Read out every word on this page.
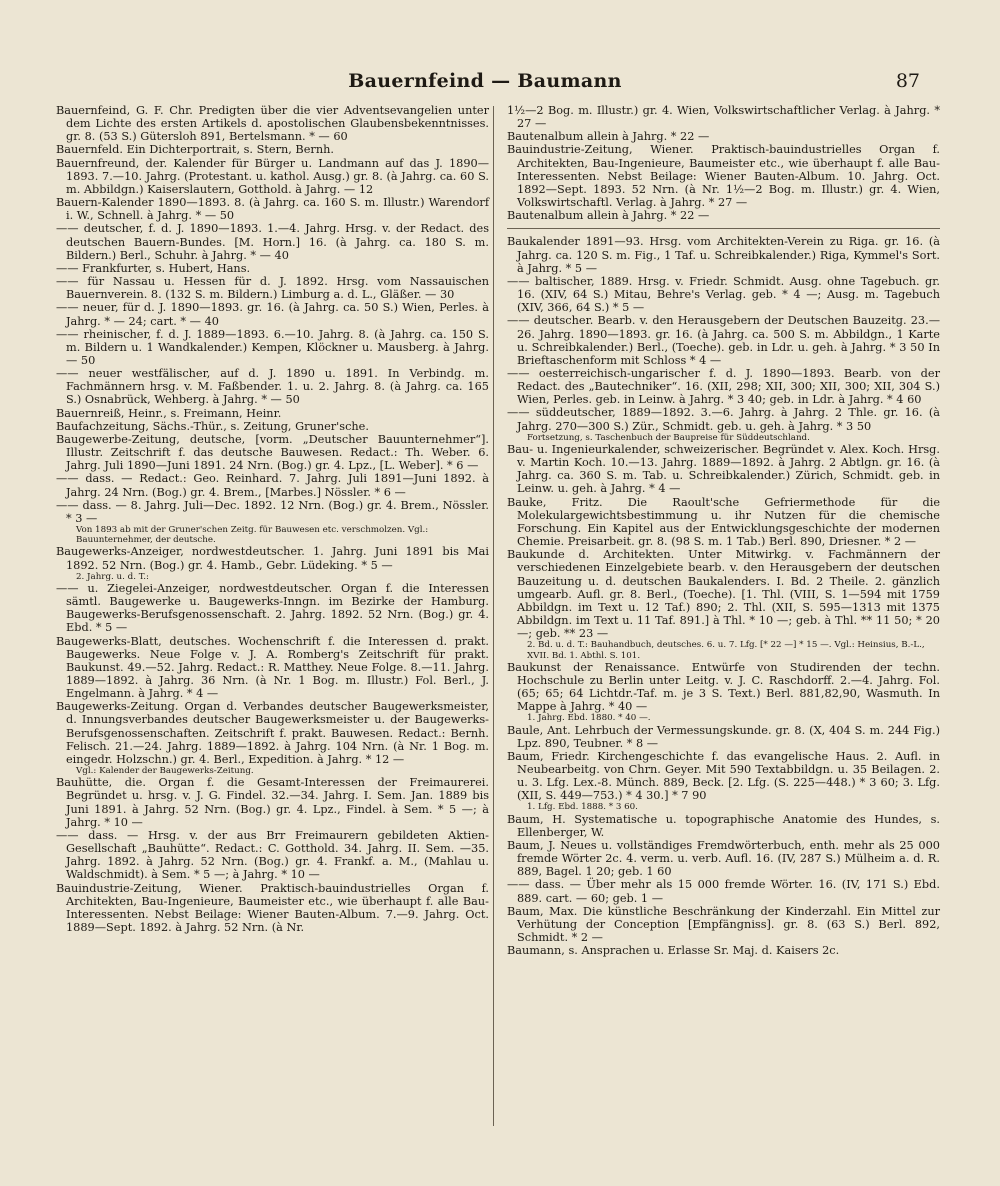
Bauernfeind — Baumann	87

Bauernfeind, G. F. Chr. Predigten über die vier Adventsevangelien unter dem Lichte des ersten Artikels d. apostolischen Glaubensbekenntnisses. gr. 8. (53 S.) Gütersloh 891, Bertelsmann. * — 60

Bauernfeld. Ein Dichterportrait, s. Stern, Bernh.

Bauernfreund, der. Kalender für Bürger u. Landmann auf das J. 1890—1893. 7.—10. Jahrg. (Protestant. u. kathol. Ausg.) gr. 8. (à Jahrg. ca. 60 S. m. Abbildgn.) Kaiserslautern, Gotthold. à Jahrg. — 12

Bauern-Kalender 1890—1893. 8. (à Jahrg. ca. 160 S. m. Illustr.) Warendorf i. W., Schnell. à Jahrg. * — 50

—— deutscher, f. d. J. 1890—1893. 1.—4. Jahrg. Hrsg. v. der Redact. des deutschen Bauern-Bundes. [M. Horn.] 16. (à Jahrg. ca. 180 S. m. Bildern.) Berl., Schuhr. à Jahrg. * — 40

—— Frankfurter, s. Hubert, Hans.

—— für Nassau u. Hessen für d. J. 1892. Hrsg. vom Nassauischen Bauernverein. 8. (132 S. m. Bildern.) Limburg a. d. L., Gläßer. — 30

—— neuer, für d. J. 1890—1893. gr. 16. (à Jahrg. ca. 50 S.) Wien, Perles. à Jahrg. * — 24; cart. * — 40

—— rheinischer, f. d. J. 1889—1893. 6.—10. Jahrg. 8. (à Jahrg. ca. 150 S. m. Bildern u. 1 Wandkalender.) Kempen, Klöckner u. Mausberg. à Jahrg. — 50

—— neuer westfälischer, auf d. J. 1890 u. 1891. In Verbindg. m. Fachmännern hrsg. v. M. Faßbender. 1. u. 2. Jahrg. 8. (à Jahrg. ca. 165 S.) Osnabrück, Wehberg. à Jahrg. * — 50

Bauernreiß, Heinr., s. Freimann, Heinr.

Baufachzeitung, Sächs.-Thür., s. Zeitung, Gruner'sche.

Baugewerbe-Zeitung, deutsche, [vorm. „Deutscher Bauunternehmer“]. Illustr. Zeitschrift f. das deutsche Bauwesen. Redact.: Th. Weber. 6. Jahrg. Juli 1890—Juni 1891. 24 Nrn. (Bog.) gr. 4. Lpz., [L. Weber]. * 6 —

—— dass. — Redact.: Geo. Reinhard. 7. Jahrg. Juli 1891—Juni 1892. à Jahrg. 24 Nrn. (Bog.) gr. 4. Brem., [Marbes.] Nössler. * 6 —

—— dass. — 8. Jahrg. Juli—Dec. 1892. 12 Nrn. (Bog.) gr. 4. Brem., Nössler. * 3 —

Von 1893 ab mit der Gruner'schen Zeitg. für Bauwesen etc. verschmolzen. Vgl.: Bauunternehmer, der deutsche.

Baugewerks-Anzeiger, nordwestdeutscher. 1. Jahrg. Juni 1891 bis Mai 1892. 52 Nrn. (Bog.) gr. 4. Hamb., Gebr. Lüdeking. * 5 —

2. Jahrg. u. d. T.:

—— u. Ziegelei-Anzeiger, nordwestdeutscher. Organ f. die Interessen sämtl. Baugewerke u. Baugewerks-Inngn. im Bezirke der Hamburg. Baugewerks-Berufsgenossenschaft. 2. Jahrg. 1892. 52 Nrn. (Bog.) gr. 4. Ebd. * 5 —

Baugewerks-Blatt, deutsches. Wochenschrift f. die Interessen d. prakt. Baugewerks. Neue Folge v. J. A. Romberg's Zeitschrift für prakt. Baukunst. 49.—52. Jahrg. Redact.: R. Matthey. Neue Folge. 8.—11. Jahrg. 1889—1892. à Jahrg. 36 Nrn. (à Nr. 1 Bog. m. Illustr.) Fol. Berl., J. Engelmann. à Jahrg. * 4 —

Baugewerks-Zeitung. Organ d. Verbandes deutscher Baugewerksmeister, d. Innungsverbandes deutscher Baugewerksmeister u. der Baugewerks-Berufsgenossenschaften. Zeitschrift f. prakt. Bauwesen. Redact.: Bernh. Felisch. 21.—24. Jahrg. 1889—1892. à Jahrg. 104 Nrn. (à Nr. 1 Bog. m. eingedr. Holzschn.) gr. 4. Berl., Expedition. à Jahrg. * 12 —

Vgl.: Kalender der Baugewerks-Zeitung.

Bauhütte, die. Organ f. die Gesamt-Interessen der Freimaurerei. Begründet u. hrsg. v. J. G. Findel. 32.—34. Jahrg. I. Sem. Jan. 1889 bis Juni 1891. à Jahrg. 52 Nrn. (Bog.) gr. 4. Lpz., Findel. à Sem. * 5 —; à Jahrg. * 10 —

—— dass. — Hrsg. v. der aus Brr Freimaurern gebildeten Aktien-Gesellschaft „Bauhütte“. Redact.: C. Gotthold. 34. Jahrg. II. Sem. —35. Jahrg. 1892. à Jahrg. 52 Nrn. (Bog.) gr. 4. Frankf. a. M., (Mahlau u. Waldschmidt). à Sem. * 5 —; à Jahrg. * 10 —

Bauindustrie-Zeitung, Wiener. Praktisch-bauindustrielles Organ f. Architekten, Bau-Ingenieure, Baumeister etc., wie überhaupt f. alle Bau-Interessenten. Nebst Beilage: Wiener Bauten-Album. 7.—9. Jahrg. Oct. 1889—Sept. 1892. à Jahrg. 52 Nrn. (à Nr.

1½—2 Bog. m. Illustr.) gr. 4. Wien, Volkswirtschaftlicher Verlag. à Jahrg. * 27 —

Bautenalbum allein à Jahrg. * 22 —

Bauindustrie-Zeitung, Wiener. Praktisch-bauindustrielles Organ f. Architekten, Bau-Ingenieure, Baumeister etc., wie überhaupt f. alle Bau-Interessenten. Nebst Beilage: Wiener Bauten-Album. 10. Jahrg. Oct. 1892—Sept. 1893. 52 Nrn. (à Nr. 1½—2 Bog. m. Illustr.) gr. 4. Wien, Volkswirtschaftl. Verlag. à Jahrg. * 27 —

Bautenalbum allein à Jahrg. * 22 —

Baukalender 1891—93. Hrsg. vom Architekten-Verein zu Riga. gr. 16. (à Jahrg. ca. 120 S. m. Fig., 1 Taf. u. Schreibkalender.) Riga, Kymmel's Sort. à Jahrg. * 5 —

—— baltischer, 1889. Hrsg. v. Friedr. Schmidt. Ausg. ohne Tagebuch. gr. 16. (XIV, 64 S.) Mitau, Behre's Verlag. geb. * 4 —; Ausg. m. Tagebuch (XIV, 366, 64 S.) * 5 —

—— deutscher. Bearb. v. den Herausgebern der Deutschen Bauzeitg. 23.—26. Jahrg. 1890—1893. gr. 16. (à Jahrg. ca. 500 S. m. Abbildgn., 1 Karte u. Schreibkalender.) Berl., (Toeche). geb. in Ldr. u. geh. à Jahrg. * 3 50 In Brieftaschenform mit Schloss * 4 —

—— oesterreichisch-ungarischer f. d. J. 1890—1893. Bearb. von der Redact. des „Bautechniker“. 16. (XII, 298; XII, 300; XII, 300; XII, 304 S.) Wien, Perles. geb. in Leinw. à Jahrg. * 3 40; geb. in Ldr. à Jahrg. * 4 60

—— süddeutscher, 1889—1892. 3.—6. Jahrg. à Jahrg. 2 Thle. gr. 16. (à Jahrg. 270—300 S.) Zür., Schmidt. geb. u. geh. à Jahrg. * 3 50

Fortsetzung, s. Taschenbuch der Baupreise für Süddeutschland.

Bau- u. Ingenieurkalender, schweizerischer. Begründet v. Alex. Koch. Hrsg. v. Martin Koch. 10.—13. Jahrg. 1889—1892. à Jahrg. 2 Abtlgn. gr. 16. (à Jahrg. ca. 360 S. m. Tab. u. Schreibkalender.) Zürich, Schmidt. geb. in Leinw. u. geh. à Jahrg. * 4 —

Bauke, Fritz. Die Raoult'sche Gefriermethode für die Molekulargewichtsbestimmung u. ihr Nutzen für die chemische Forschung. Ein Kapitel aus der Entwicklungsgeschichte der modernen Chemie. Preisarbeit. gr. 8. (98 S. m. 1 Tab.) Berl. 890, Driesner. * 2 —

Baukunde d. Architekten. Unter Mitwirkg. v. Fachmännern der verschiedenen Einzelgebiete bearb. v. den Herausgebern der deutschen Bauzeitung u. d. deutschen Baukalenders. I. Bd. 2 Theile. 2. gänzlich umgearb. Aufl. gr. 8. Berl., (Toeche). [1. Thl. (VIII, S. 1—594 mit 1759 Abbildgn. im Text u. 12 Taf.) 890; 2. Thl. (XII, S. 595—1313 mit 1375 Abbildgn. im Text u. 11 Taf. 891.] à Thl. * 10 —; geb. à Thl. ** 11 50; * 20 —; geb. ** 23 —

2. Bd. u. d. T.: Bauhandbuch, deutsches. 6. u. 7. Lfg. [* 22 —] * 15 —. Vgl.: Heinsius, B.-L., XVII. Bd. 1. Abthl. S. 101.

Baukunst der Renaissance. Entwürfe von Studirenden der techn. Hochschule zu Berlin unter Leitg. v. J. C. Raschdorff. 2.—4. Jahrg. Fol. (65; 65; 64 Lichtdr.-Taf. m. je 3 S. Text.) Berl. 881,82,90, Wasmuth. In Mappe à Jahrg. * 40 —

1. Jahrg. Ebd. 1880. * 40 —.

Baule, Ant. Lehrbuch der Vermessungskunde. gr. 8. (X, 404 S. m. 244 Fig.) Lpz. 890, Teubner. * 8 —

Baum, Friedr. Kirchengeschichte f. das evangelische Haus. 2. Aufl. in Neubearbeitg. von Chrn. Geyer. Mit 590 Textabbildgn. u. 35 Beilagen. 2. u. 3. Lfg. Lex.-8. Münch. 889, Beck. [2. Lfg. (S. 225—448.) * 3 60; 3. Lfg. (XII, S. 449—753.) * 4 30.] * 7 90

1. Lfg. Ebd. 1888. * 3 60.

Baum, H. Systematische u. topographische Anatomie des Hundes, s. Ellenberger, W.

Baum, J. Neues u. vollständiges Fremdwörterbuch, enth. mehr als 25 000 fremde Wörter 2c. 4. verm. u. verb. Aufl. 16. (IV, 287 S.) Mülheim a. d. R. 889, Bagel. 1 20; geb. 1 60

—— dass. — Über mehr als 15 000 fremde Wörter. 16. (IV, 171 S.) Ebd. 889. cart. — 60; geb. 1 —

Baum, Max. Die künstliche Beschränkung der Kinderzahl. Ein Mittel zur Verhütung der Conception [Empfängniss]. gr. 8. (63 S.) Berl. 892, Schmidt. * 2 —

Baumann, s. Ansprachen u. Erlasse Sr. Maj. d. Kaisers 2c.
